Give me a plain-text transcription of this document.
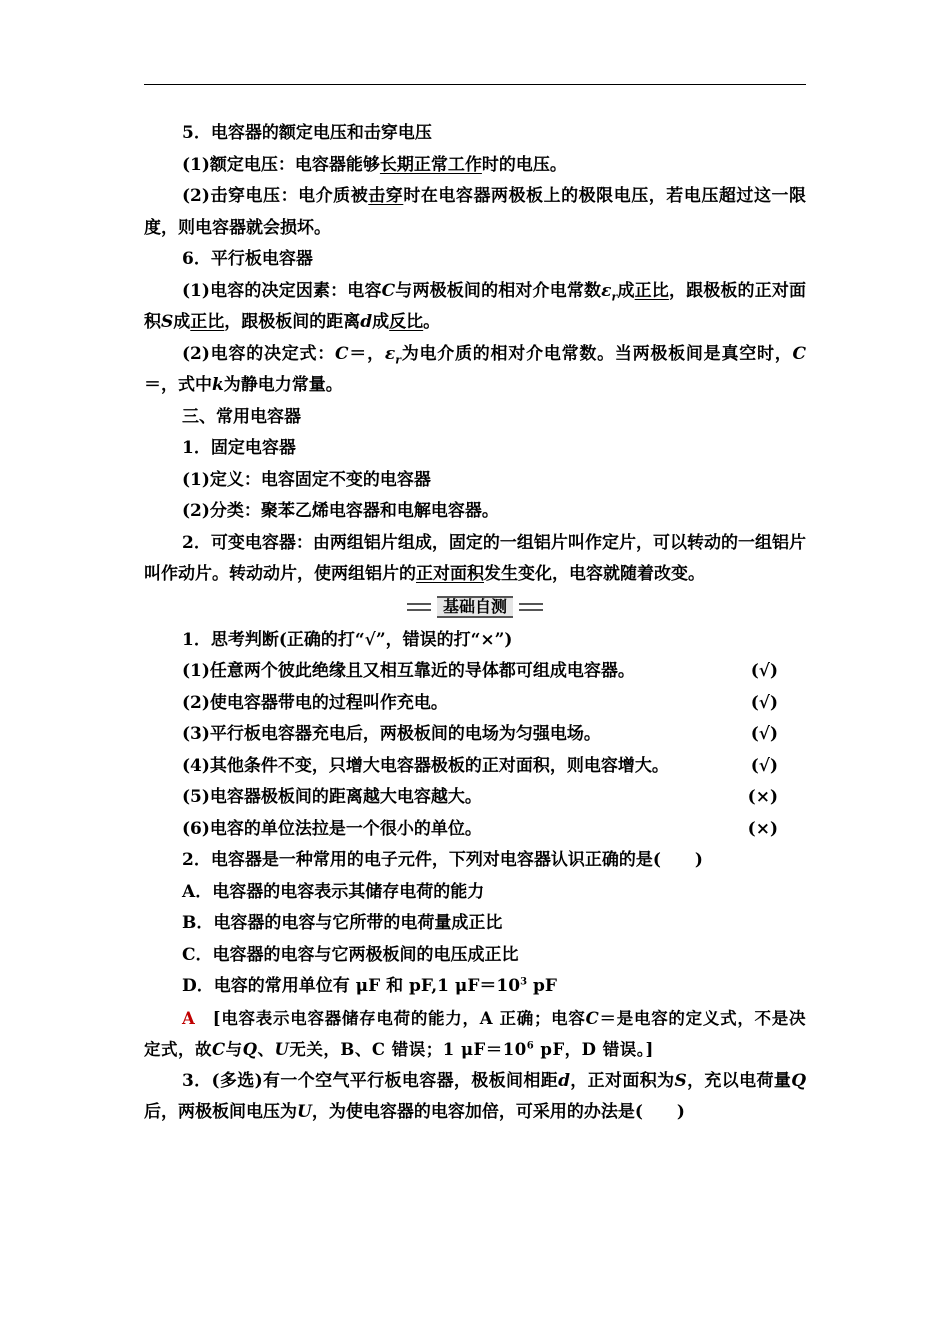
5．电容器的额定电压和击穿电压

(1)额定电压：电容器能够长期正常工作时的电压。

(2)击穿电压：电介质被击穿时在电容器两极板上的极限电压，若电压超过这一限度，则电容器就会损坏。

6．平行板电容器

(1)电容的决定因素：电容C与两极板间的相对介电常数$\varepsilon_r$成正比，跟极板的正对面积S成正比，跟极板间的距离d成反比。

(2)电容的决定式：C＝，$\varepsilon_r$为电介质的相对介电常数。当两极板间是真空时，C＝，式中k为静电力常量。

三、常用电容器

1．固定电容器

(1)定义：电容固定不变的电容器

(2)分类：聚苯乙烯电容器和电解电容器。

2．可变电容器：由两组铝片组成，固定的一组铝片叫作定片，可以转动的一组铝片叫作动片。转动动片，使两组铝片的正对面积发生变化，电容就随着改变。

基础自测

1．思考判断(正确的打“√”，错误的打“×”)

(1)任意两个彼此绝缘且又相互靠近的导体都可组成电容器。	(√)
(2)使电容器带电的过程叫作充电。	(√)
(3)平行板电容器充电后，两极板间的电场为匀强电场。	(√)
(4)其他条件不变，只增大电容器极板的正对面积，则电容增大。	(√)
(5)电容器极板间的距离越大电容越大。	(×)
(6)电容的单位法拉是一个很小的单位。	(×)

2．电容器是一种常用的电子元件，下列对电容器认识正确的是(　　)

A．电容器的电容表示其储存电荷的能力

B．电容器的电容与它所带的电荷量成正比

C．电容器的电容与它两极板间的电压成正比

D．电容的常用单位有 μF 和 pF,1 $\mu F=10^3$ pF

A　 [电容表示电容器储存电荷的能力，A 正确；电容C＝是电容的定义式，不是决定式，故C与Q、U无关，B、C 错误；1 $\mu F=10^6$ pF，D 错误。]

3．(多选)有一个空气平行板电容器，极板间相距d，正对面积为S，充以电荷量Q后，两极板间电压为U，为使电容器的电容加倍，可采用的办法是(　　)
